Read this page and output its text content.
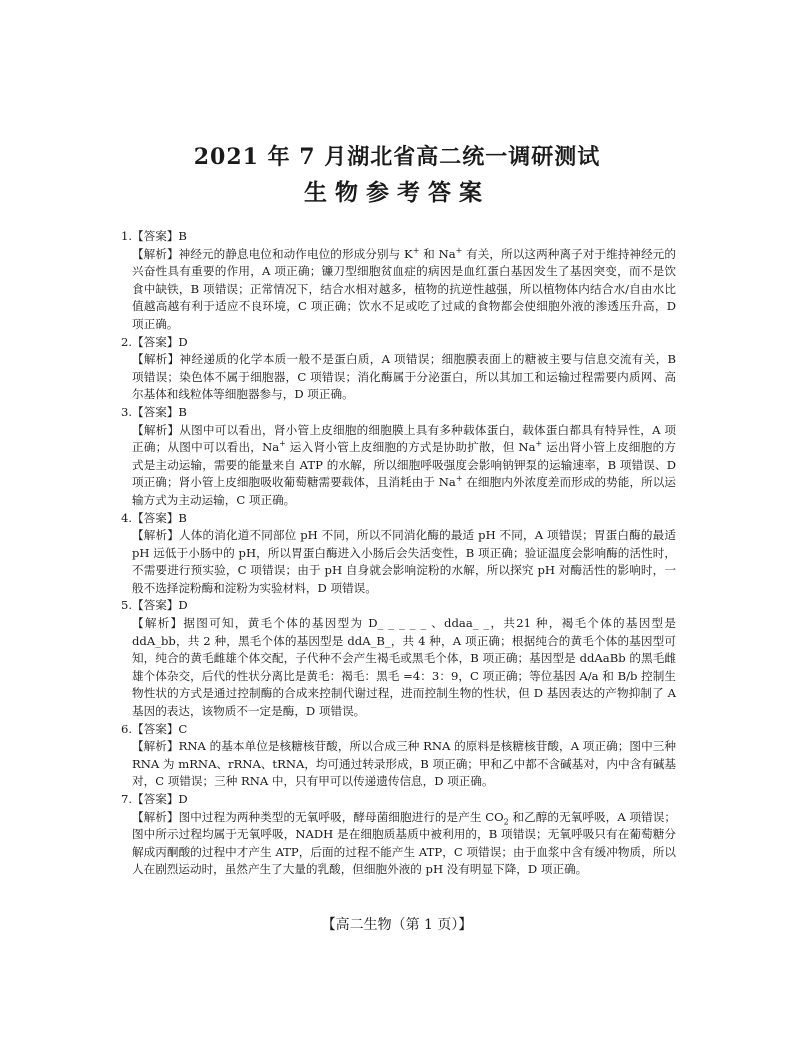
2021 年 7 月湖北省高二统一调研测试
生物参考答案
1.【答案】B
【解析】神经元的静息电位和动作电位的形成分别与 K+ 和 Na+ 有关，所以这两种离子对于维持神经元的兴奋性具有重要的作用，A 项正确；镰刀型细胞贫血症的病因是血红蛋白基因发生了基因突变，而不是饮食中缺铁，B 项错误；正常情况下，结合水相对越多，植物的抗逆性越强，所以植物体内结合水/自由水比值越高越有利于适应不良环境，C 项正确；饮水不足或吃了过咸的食物都会使细胞外液的渗透压升高，D 项正确。
2.【答案】D
【解析】神经递质的化学本质一般不是蛋白质，A 项错误；细胞膜表面上的糖被主要与信息交流有关，B 项错误；染色体不属于细胞器，C 项错误；消化酶属于分泌蛋白，所以其加工和运输过程需要内质网、高尔基体和线粒体等细胞器参与，D 项正确。
3.【答案】B
【解析】从图中可以看出，肾小管上皮细胞的细胞膜上具有多种载体蛋白，载体蛋白都具有特异性，A 项正确；从图中可以看出，Na+ 运入肾小管上皮细胞的方式是协助扩散，但 Na+ 运出肾小管上皮细胞的方式是主动运输，需要的能量来自 ATP 的水解，所以细胞呼吸强度会影响钠钾泵的运输速率，B 项错误、D 项正确；肾小管上皮细胞吸收葡萄糖需要载体，且消耗由于 Na+ 在细胞内外浓度差而形成的势能，所以运输方式为主动运输，C 项正确。
4.【答案】B
【解析】人体的消化道不同部位 pH 不同，所以不同消化酶的最适 pH 不同，A 项错误；胃蛋白酶的最适 pH 远低于小肠中的 pH，所以胃蛋白酶进入小肠后会失活变性，B 项正确；验证温度会影响酶的活性时，不需要进行预实验，C 项错误；由于 pH 自身就会影响淀粉的水解，所以探究 pH 对酶活性的影响时，一般不选择淀粉酶和淀粉为实验材料，D 项错误。
5.【答案】D
【解析】据图可知，黄毛个体的基因型为 D_ _ _ _ _ 、ddaa_ _，共21 种，褐毛个体的基因型是 ddA_bb，共 2 种，黑毛个体的基因型是 ddA_B_，共 4 种，A 项正确；根据纯合的黄毛个体的基因型可知，纯合的黄毛雌雄个体交配，子代种不会产生褐毛或黑毛个体，B 项正确；基因型是 ddAaBb 的黑毛雌雄个体杂交，后代的性状分离比是黄毛：褐毛：黑毛 =4：3：9，C 项正确；等位基因 A/a 和 B/b 控制生物性状的方式是通过控制酶的合成来控制代谢过程，进而控制生物的性状，但 D 基因表达的产物抑制了 A 基因的表达，该物质不一定是酶，D 项错误。
6.【答案】C
【解析】RNA 的基本单位是核糖核苷酸，所以合成三种 RNA 的原料是核糖核苷酸，A 项正确；图中三种 RNA 为 mRNA、rRNA、tRNA，均可通过转录形成，B 项正确；甲和乙中都不含碱基对，内中含有碱基对，C 项错误；三种 RNA 中，只有甲可以传递遗传信息，D 项正确。
7.【答案】D
【解析】图中过程为两种类型的无氧呼吸，酵母菌细胞进行的是产生 $CO_2$ 和乙醇的无氧呼吸，A 项错误；图中所示过程均属于无氧呼吸，NADH 是在细胞质基质中被利用的，B 项错误；无氧呼吸只有在葡萄糖分解成丙酮酸的过程中才产生 ATP，后面的过程不能产生 ATP，C 项错误；由于血浆中含有缓冲物质，所以人在剧烈运动时，虽然产生了大量的乳酸，但细胞外液的 pH 没有明显下降，D 项正确。
【高二生物（第 1 页）】
